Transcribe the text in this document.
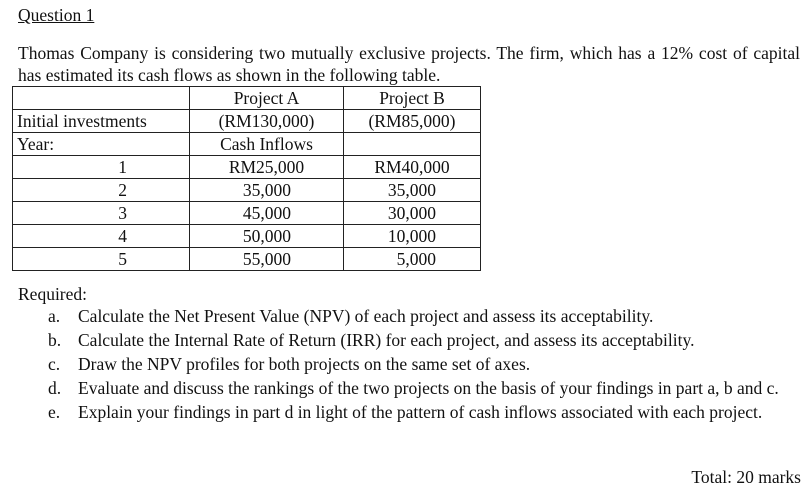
Question 1
Thomas Company is considering two mutually exclusive projects. The firm, which has a 12% cost of capital has estimated its cash flows as shown in the following table.
	Project A	Project B
Initial investments	(RM130,000)	(RM85,000)
Year:	Cash Inflows	
1	RM25,000	RM40,000
2	35,000	35,000
3	45,000	30,000
4	50,000	10,000
5	55,000	5,000
Required:
a. Calculate the Net Present Value (NPV) of each project and assess its acceptability.
b. Calculate the Internal Rate of Return (IRR) for each project, and assess its acceptability.
c. Draw the NPV profiles for both projects on the same set of axes.
d. Evaluate and discuss the rankings of the two projects on the basis of your findings in part a, b and c.
e. Explain your findings in part d in light of the pattern of cash inflows associated with each project.
Total: 20 marks
